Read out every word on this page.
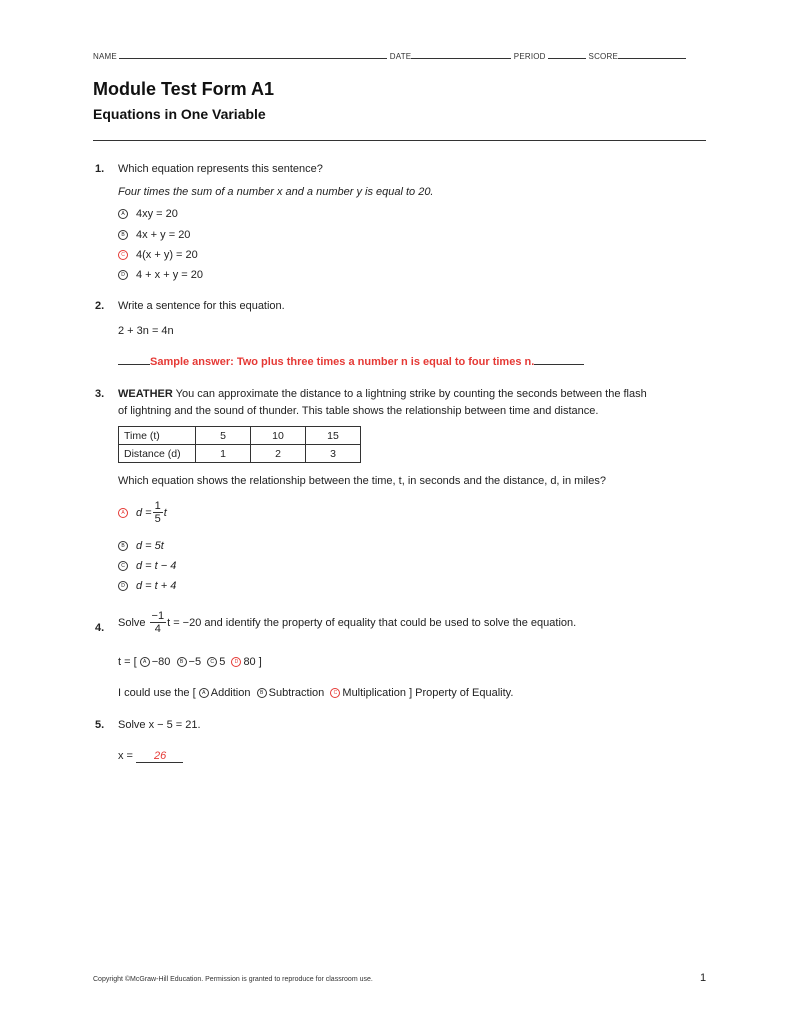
NAME	DATE	PERIOD	SCORE
Module Test Form A1
Equations in One Variable
1. Which equation represents this sentence?
Four times the sum of a number x and a number y is equal to 20.
A 4xy = 20
B 4x + y = 20
C 4(x + y) = 20
D 4 + x + y = 20
2. Write a sentence for this equation.
2 + 3n = 4n
Sample answer: Two plus three times a number n is equal to four times n.
3. WEATHER You can approximate the distance to a lightning strike by counting the seconds between the flash
of lightning and the sound of thunder. This table shows the relationship between time and distance.
Time (t)	5	10	15
Distance (d)	1	2	3
Which equation shows the relationship between the time, t, in seconds and the distance, d, in miles?
A	$d = \frac{1}{5}$ t
B d = 5t
C d = t − 4
D d = t + 4
4. Solve $\frac{-1}{4}$ t = −20 and identify the property of equality that could be used to solve the equation.
t = [ A −80 B −5 C 5 D 80 ]
I could use the [ A Addition B Subtraction C Multiplication ] Property of Equality.
5. Solve x − 5 = 21.
x = 26
Copyright ©McGraw-Hill Education. Permission is granted to reproduce for classroom use.	1
